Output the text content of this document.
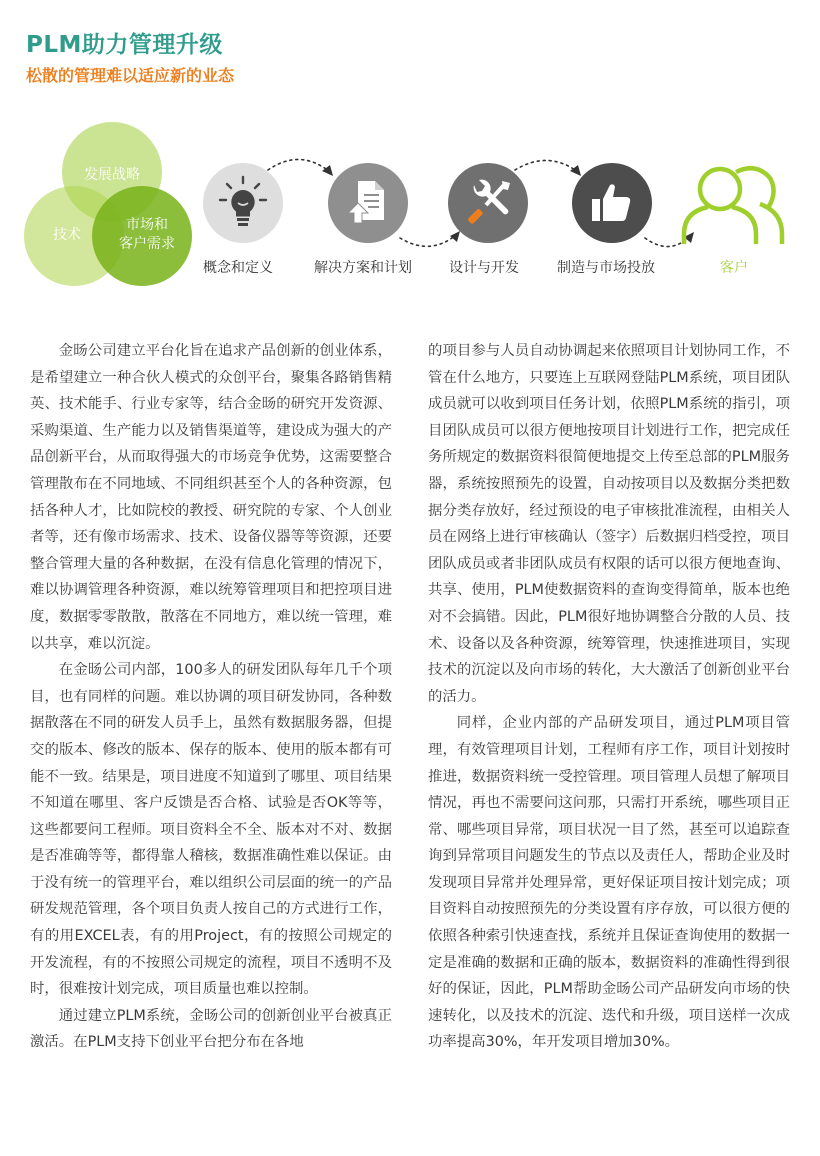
PLM助力管理升级
松散的管理难以适应新的业态
发展战略
技术
市场和
客户需求
概念和定义	解决方案和计划	设计与开发	制造与市场投放	客户

金旸公司建立平台化旨在追求产品创新的创业体系，是希望建立一种合伙人模式的众创平台，聚集各路销售精英、技术能手、行业专家等，结合金旸的研究开发资源、采购渠道、生产能力以及销售渠道等，建设成为强大的产品创新平台，从而取得强大的市场竞争优势，这需要整合管理散布在不同地域、不同组织甚至个人的各种资源，包括各种人才，比如院校的教授、研究院的专家、个人创业者等，还有像市场需求、技术、设备仪器等等资源，还要整合管理大量的各种数据，在没有信息化管理的情况下，难以协调管理各种资源，难以统筹管理项目和把控项目进度，数据零零散散，散落在不同地方，难以统一管理，难以共享，难以沉淀。

在金旸公司内部，100多人的研发团队每年几千个项目，也有同样的问题。难以协调的项目研发协同，各种数据散落在不同的研发人员手上，虽然有数据服务器，但提交的版本、修改的版本、保存的版本、使用的版本都有可能不一致。结果是，项目进度不知道到了哪里、项目结果不知道在哪里、客户反馈是否合格、试验是否OK等等，这些都要问工程师。项目资料全不全、版本对不对、数据是否准确等等，都得靠人稽核，数据准确性难以保证。由于没有统一的管理平台，难以组织公司层面的统一的产品研发规范管理，各个项目负责人按自己的方式进行工作，有的用EXCEL表，有的用Project，有的按照公司规定的开发流程，有的不按照公司规定的流程，项目不透明不及时，很难按计划完成，项目质量也难以控制。

通过建立PLM系统，金旸公司的创新创业平台被真正激活。在PLM支持下创业平台把分布在各地

的项目参与人员自动协调起来依照项目计划协同工作，不管在什么地方，只要连上互联网登陆PLM系统，项目团队成员就可以收到项目任务计划，依照PLM系统的指引，项目团队成员可以很方便地按项目计划进行工作，把完成任务所规定的数据资料很简便地提交上传至总部的PLM服务器，系统按照预先的设置，自动按项目以及数据分类把数据分类存放好，经过预设的电子审核批准流程，由相关人员在网络上进行审核确认（签字）后数据归档受控，项目团队成员或者非团队成员有权限的话可以很方便地查询、共享、使用，PLM使数据资料的查询变得简单，版本也绝对不会搞错。因此，PLM很好地协调整合分散的人员、技术、设备以及各种资源，统筹管理，快速推进项目，实现技术的沉淀以及向市场的转化，大大激活了创新创业平台的活力。

同样，企业内部的产品研发项目，通过PLM项目管理，有效管理项目计划，工程师有序工作，项目计划按时推进，数据资料统一受控管理。项目管理人员想了解项目情况，再也不需要问这问那，只需打开系统，哪些项目正常、哪些项目异常，项目状况一目了然，甚至可以追踪查询到异常项目问题发生的节点以及责任人，帮助企业及时发现项目异常并处理异常，更好保证项目按计划完成；项目资料自动按照预先的分类设置有序存放，可以很方便的依照各种索引快速查找，系统并且保证查询使用的数据一定是准确的数据和正确的版本，数据资料的准确性得到很好的保证，因此，PLM帮助金旸公司产品研发向市场的快速转化，以及技术的沉淀、迭代和升级，项目送样一次成功率提高30%，年开发项目增加30%。
